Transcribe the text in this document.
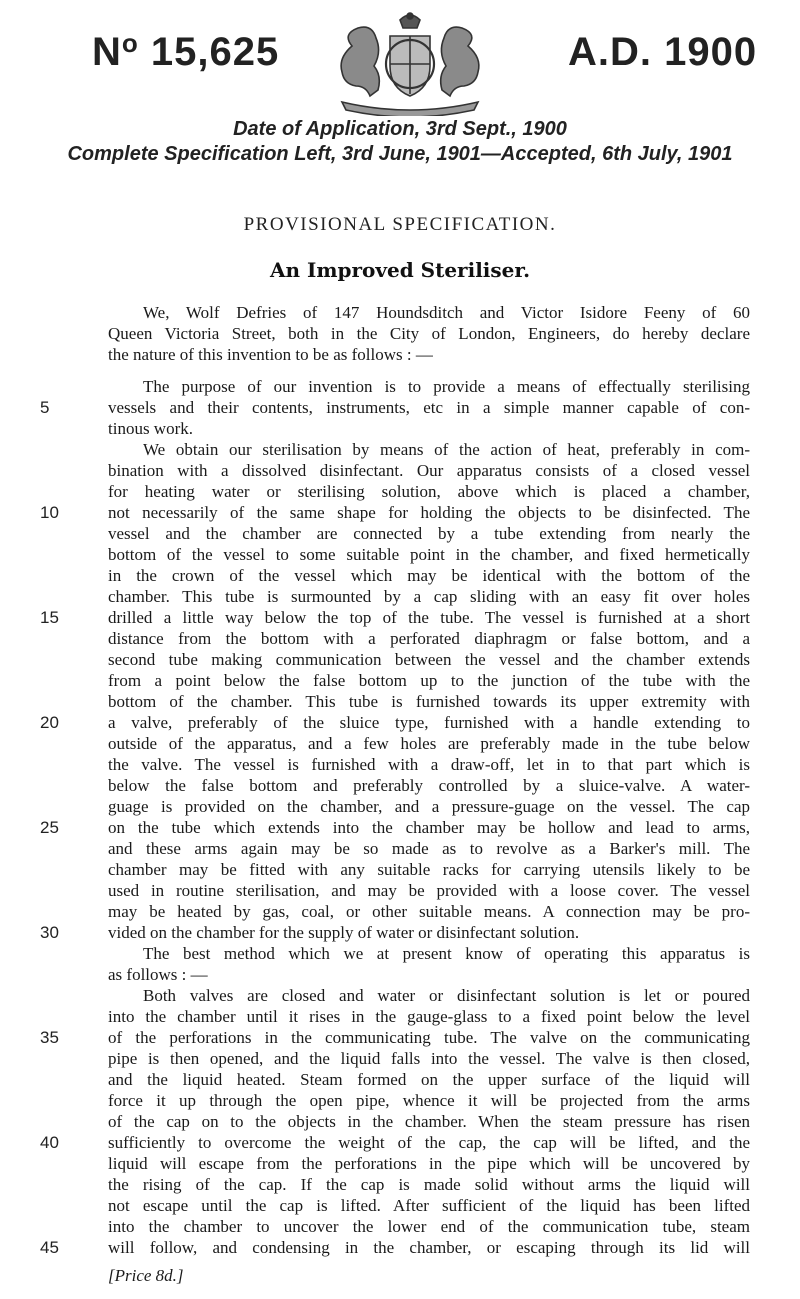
$N^o$ 15,625	A.D. 1900
Date of Application, 3rd Sept., 1900
Complete Specification Left, 3rd June, 1901—Accepted, 6th July, 1901
PROVISIONAL SPECIFICATION.
An Improved Steriliser.
We, Wolf Defries of 147 Houndsditch and Victor Isidore Feeny of 60
Queen Victoria Street, both in the City of London, Engineers, do hereby declare
the nature of this invention to be as follows : —
The purpose of our invention is to provide a means of effectually sterilising
5	vessels and their contents, instruments, etc in a simple manner capable of con-
tinous work.
We obtain our sterilisation by means of the action of heat, preferably in com-
bination with a dissolved disinfectant. Our apparatus consists of a closed vessel
for heating water or sterilising solution, above which is placed a chamber,
10	not necessarily of the same shape for holding the objects to be disinfected. The
vessel and the chamber are connected by a tube extending from nearly the
bottom of the vessel to some suitable point in the chamber, and fixed hermetically
in the crown of the vessel which may be identical with the bottom of the
chamber. This tube is surmounted by a cap sliding with an easy fit over holes
15	drilled a little way below the top of the tube. The vessel is furnished at a short
distance from the bottom with a perforated diaphragm or false bottom, and a
second tube making communication between the vessel and the chamber extends
from a point below the false bottom up to the junction of the tube with the
bottom of the chamber. This tube is furnished towards its upper extremity with
20	a valve, preferably of the sluice type, furnished with a handle extending to
outside of the apparatus, and a few holes are preferably made in the tube below
the valve. The vessel is furnished with a draw-off, let in to that part which is
below the false bottom and preferably controlled by a sluice-valve. A water-
guage is provided on the chamber, and a pressure-guage on the vessel. The cap
25	on the tube which extends into the chamber may be hollow and lead to arms,
and these arms again may be so made as to revolve as a Barker's mill. The
chamber may be fitted with any suitable racks for carrying utensils likely to be
used in routine sterilisation, and may be provided with a loose cover. The vessel
may be heated by gas, coal, or other suitable means. A connection may be pro-
30	vided on the chamber for the supply of water or disinfectant solution.
The best method which we at present know of operating this apparatus is
as follows : —
Both valves are closed and water or disinfectant solution is let or poured
into the chamber until it rises in the gauge-glass to a fixed point below the level
35	of the perforations in the communicating tube. The valve on the communicating
pipe is then opened, and the liquid falls into the vessel. The valve is then closed,
and the liquid heated. Steam formed on the upper surface of the liquid will
force it up through the open pipe, whence it will be projected from the arms
of the cap on to the objects in the chamber. When the steam pressure has risen
40	sufficiently to overcome the weight of the cap, the cap will be lifted, and the
liquid will escape from the perforations in the pipe which will be uncovered by
the rising of the cap. If the cap is made solid without arms the liquid will
not escape until the cap is lifted. After sufficient of the liquid has been lifted
into the chamber to uncover the lower end of the communication tube, steam
45	will follow, and condensing in the chamber, or escaping through its lid will
[Price 8d.]
